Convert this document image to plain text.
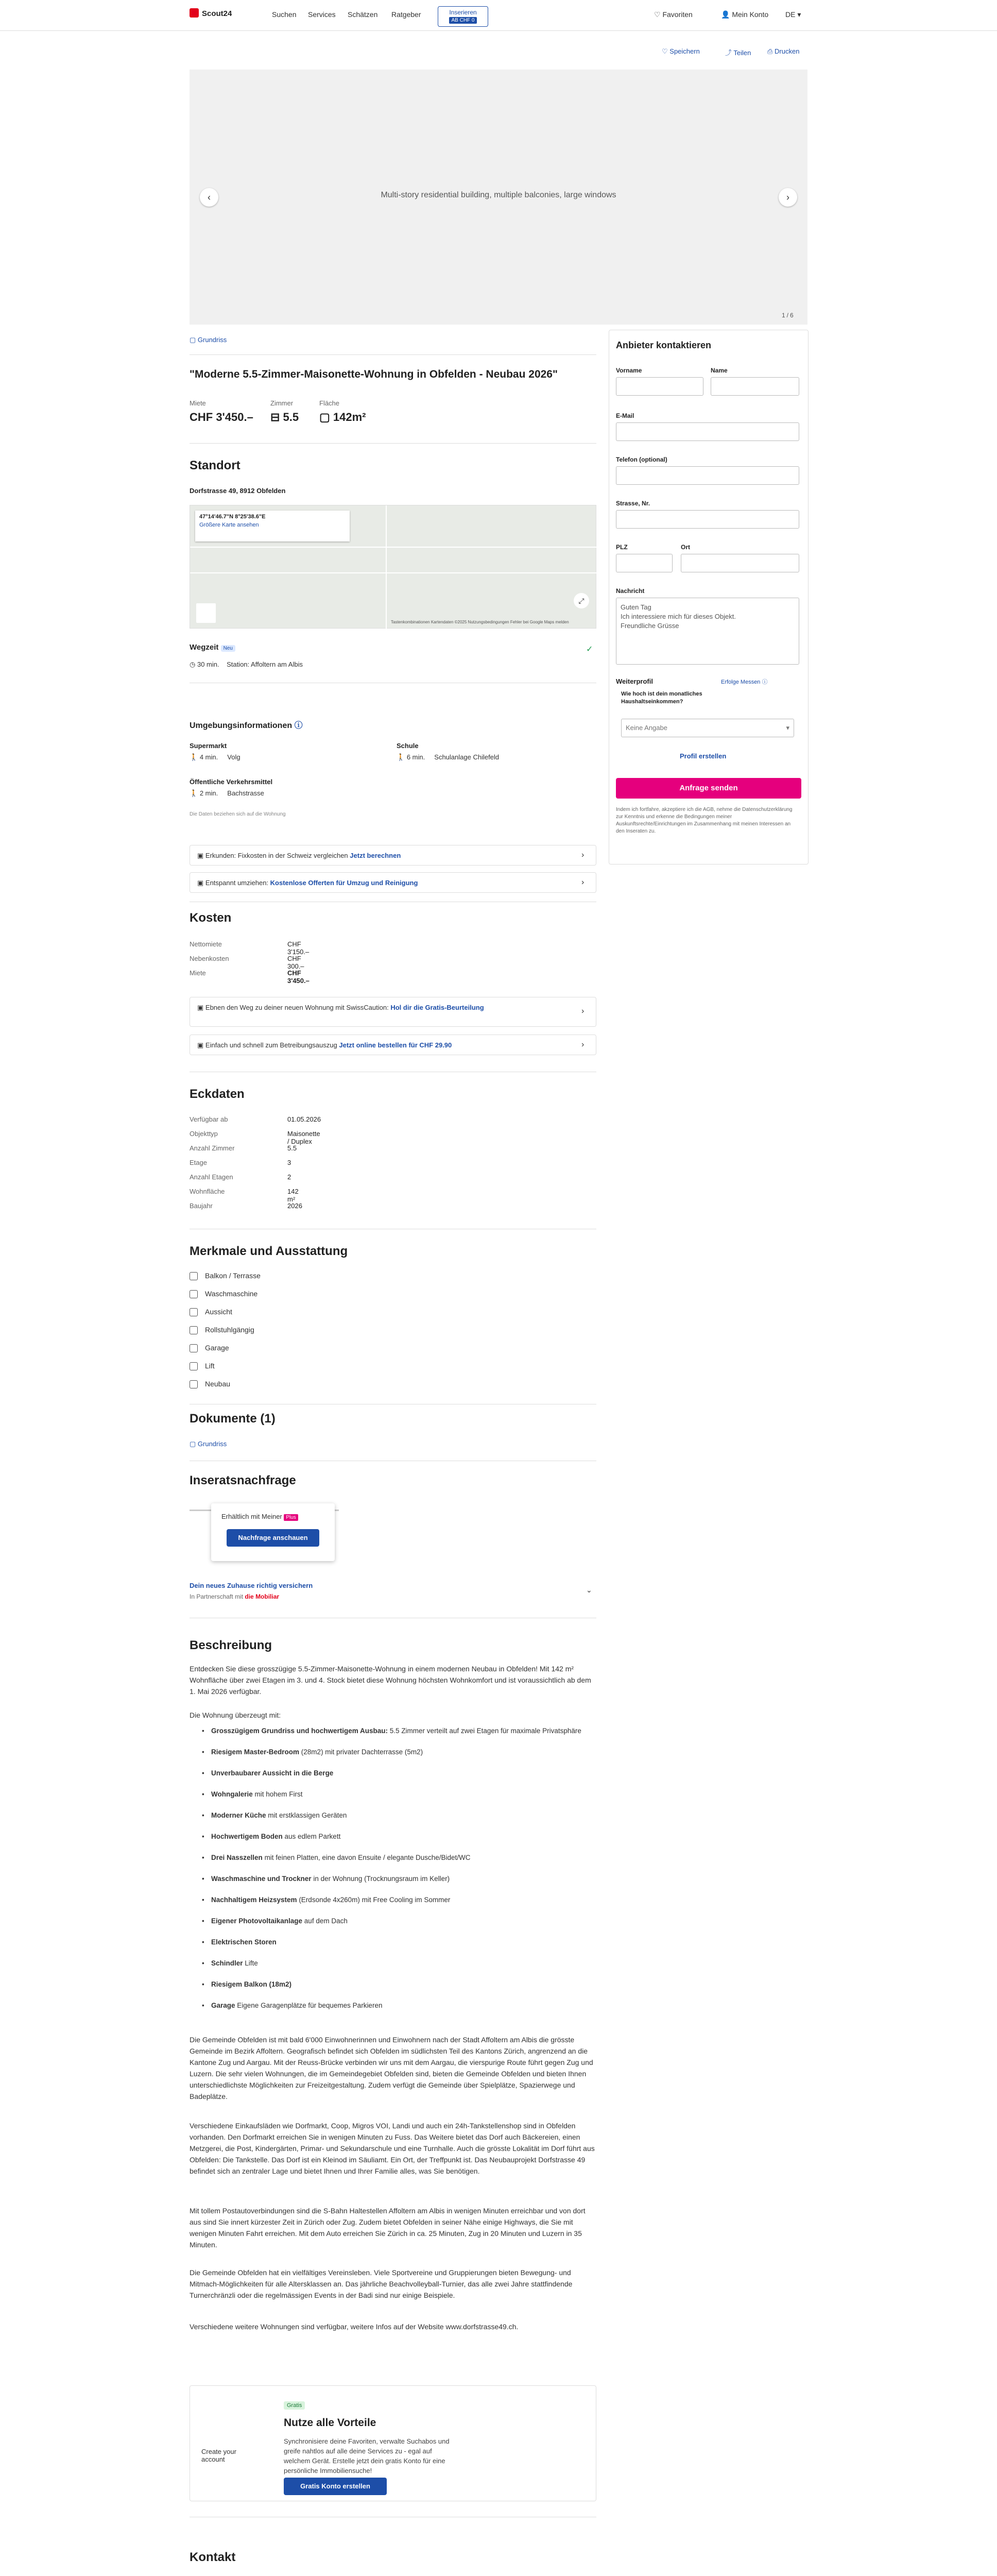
Scout24	Suchen Services Schätzen Ratgeber	Inserieren
AB CHF 0
♡ Favoriten	👤 Mein Konto DE ▾
♡ Speichern	⤴ Teilen ⎙ Drucken
Multi-story residential building, multiple balconies, large windows
‹	›
1/6
▢ Grundriss
"Moderne 5.5-Zimmer-Maisonette-Wohnung in Obfelden - Neubau 2026"
Miete
CHF 3'450.–
Zimmer
⊟ 5.5
Fläche
▢ 142m²
Standort
Dorfstrasse 49, 8912 Obfelden
47°14'46.7"N 8°25'38.6"E
Größere Karte ansehen
⤢
Tastenkombinationen Kartendaten ©2025 Nutzungsbedingungen Fehler bei Google Maps melden
✓
Wegzeit Neu
◷ 30 min. Station: Affoltern am Albis
Umgebungsinformationen ⓘ
Supermarkt
🚶 4 min. Volg
Schule
🚶 6 min. Schulanlage Chilefeld
Öffentliche Verkehrsmittel
🚶 2 min. Bachstrasse
Die Daten beziehen sich auf die Wohnung
▣ Erkunden: Fixkosten in der Schweiz vergleichen Jetzt berechnen	›
▣ Entspannt umziehen: Kostenlose Offerten für Umzug und Reinigung	›
Kosten
Nettomiete	CHF 3'150.–
Nebenkosten	CHF 300.–
Miete	CHF 3'450.–
▣ Ebnen den Weg zu deiner neuen Wohnung mit SwissCaution: Hol dir die Gratis-Beurteilung	›
▣ Einfach und schnell zum Betreibungsauszug Jetzt online bestellen für CHF 29.90	›
Eckdaten
Verfügbar ab	01.05.2026
Objekttyp	Maisonette / Duplex
Anzahl Zimmer	5.5
Etage	3
Anzahl Etagen	2
Wohnfläche	142 m²
Baujahr	2026
Merkmale und Ausstattung
Balkon / Terrasse
Waschmaschine
Aussicht
Rollstuhlgängig
Garage
Lift
Neubau
Dokumente (1)
▢ Grundriss
Inseratsnachfrage
Erhältlich mit Meiner Plus
Nachfrage anschauen
Dein neues Zuhause richtig versichern
In Partnerschaft mit die Mobiliar
⌄
Beschreibung
Entdecken Sie diese grosszügige 5.5-Zimmer-Maisonette-Wohnung in einem modernen Neubau in Obfelden! Mit 142 m² Wohnfläche über zwei Etagen im 3. und 4. Stock bietet diese Wohnung höchsten Wohnkomfort und ist voraussichtlich ab dem 1. Mai 2026 verfügbar.
Die Wohnung überzeugt mit:
• Grosszügigem Grundriss und hochwertigem Ausbau: 5.5 Zimmer verteilt auf zwei Etagen für maximale Privatsphäre
• Riesigem Master-Bedroom (28m2) mit privater Dachterrasse (5m2)
• Unverbaubarer Aussicht in die Berge
• Wohngalerie mit hohem First
• Moderner Küche mit erstklassigen Geräten
• Hochwertigem Boden aus edlem Parkett
• Drei Nasszellen mit feinen Platten, eine davon Ensuite / elegante Dusche/Bidet/WC
• Waschmaschine und Trockner in der Wohnung (Trocknungsraum im Keller)
• Nachhaltigem Heizsystem (Erdsonde 4x260m) mit Free Cooling im Sommer
• Eigener Photovoltaikanlage auf dem Dach
• Elektrischen Storen
• Schindler Lifte
• Riesigem Balkon (18m2)
• Garage Eigene Garagenplätze für bequemes Parkieren
Die Gemeinde Obfelden ist mit bald 6'000 Einwohnerinnen und Einwohnern nach der Stadt Affoltern am Albis die grösste Gemeinde im Bezirk Affoltern. Geografisch befindet sich Obfelden im südlichsten Teil des Kantons Zürich, angrenzend an die Kantone Zug und Aargau. Mit der Reuss-Brücke verbinden wir uns mit dem Aargau, die vierspurige Route führt gegen Zug und Luzern. Die sehr vielen Wohnungen, die im Gemeindegebiet Obfelden sind, bieten die Gemeinde Obfelden und bieten Ihnen unterschiedlichste Möglichkeiten zur Freizeitgestaltung. Zudem verfügt die Gemeinde über Spielplätze, Spazierwege und Badeplätze.
Verschiedene Einkaufsläden wie Dorfmarkt, Coop, Migros VOI, Landi und auch ein 24h-Tankstellenshop sind in Obfelden vorhanden. Den Dorfmarkt erreichen Sie in wenigen Minuten zu Fuss. Das Weitere bietet das Dorf auch Bäckereien, einen Metzgerei, die Post, Kindergärten, Primar- und Sekundarschule und eine Turnhalle. Auch die grösste Lokalität im Dorf führt aus Obfelden: Die Tankstelle. Das Dorf ist ein Kleinod im Säuliamt. Ein Ort, der Treffpunkt ist. Das Neubauprojekt Dorfstrasse 49 befindet sich an zentraler Lage und bietet Ihnen und Ihrer Familie alles, was Sie benötigen.
Mit tollem Postautoverbindungen sind die S-Bahn Haltestellen Affoltern am Albis in wenigen Minuten erreichbar und von dort aus sind Sie innert kürzester Zeit in Zürich oder Zug. Zudem bietet Obfelden in seiner Nähe einige Highways, die Sie mit wenigen Minuten Fahrt erreichen. Mit dem Auto erreichen Sie Zürich in ca. 25 Minuten, Zug in 20 Minuten und Luzern in 35 Minuten.
Die Gemeinde Obfelden hat ein vielfältiges Vereinsleben. Viele Sportvereine und Gruppierungen bieten Bewegung- und Mitmach-Möglichkeiten für alle Altersklassen an. Das jährliche Beachvolleyball-Turnier, das alle zwei Jahre stattfindende Turnerchränzli oder die regelmässigen Events in der Badi sind nur einige Beispiele.
Verschiedene weitere Wohnungen sind verfügbar, weitere Infos auf der Website www.dorfstrasse49.ch.
Create your account
Gratis
Nutze alle Vorteile
Synchronisiere deine Favoriten, verwalte Suchabos und greife nahtlos auf alle deine Services zu - egal auf welchem Gerät. Erstelle jetzt dein gratis Konto für eine persönliche Immobiliensuche!
Gratis Konto erstellen
Kontakt
Anbieter kontaktieren
Vorname	Name
E-Mail
Telefon (optional)
Strasse, Nr.
PLZ	Ort
Nachricht
Guten Tag
Ich interessiere mich für dieses Objekt.
Freundliche Grüsse
Weiterprofil	Erfolge Messen ⓘ
Wie hoch ist dein monatliches Haushaltseinkommen?
Keine Angabe	▾
Profil erstellen
Anfrage senden
Indem ich fortfahre, akzeptiere ich die AGB, nehme die Datenschutzerklärung zur Kenntnis und erkenne die Bedingungen meiner Auskunftsrechte/Einrichtungen im Zusammenhang mit meinen Interessen an den Inseraten zu.
